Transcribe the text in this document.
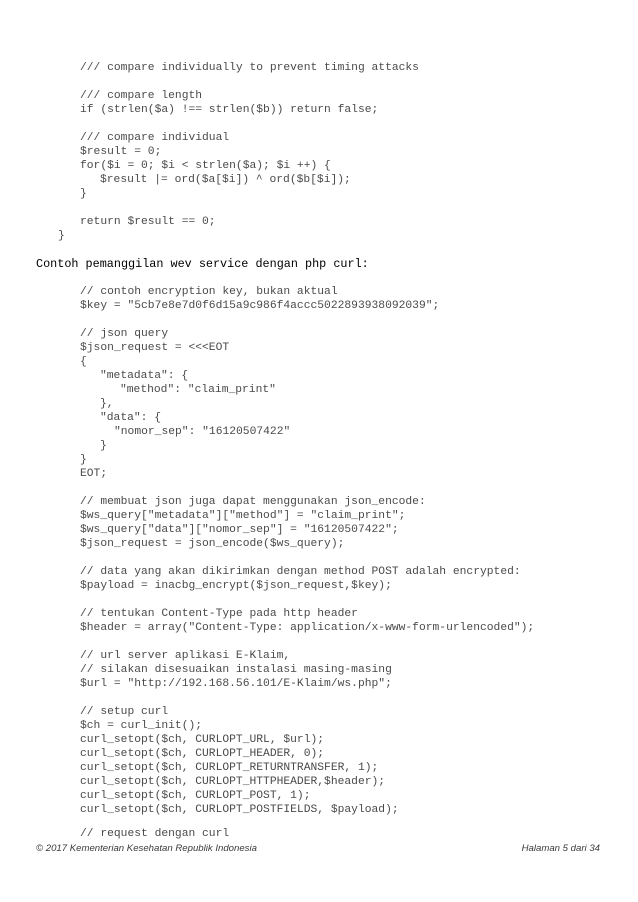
/// compare individually to prevent timing attacks
/// compare length
if (strlen($a) !== strlen($b)) return false;
/// compare individual
$result = 0;
for($i = 0; $i < strlen($a); $i ++) {
$result |= ord($a[$i]) ^ ord($b[$i]);
}
return $result == 0;
}
Contoh pemanggilan wev service dengan php curl:
// contoh encryption key, bukan aktual
$key = "5cb7e8e7d0f6d15a9c986f4accc5022893938092039";
// json query
$json_request = <<<EOT
{
"metadata": {
"method": "claim_print"
},
"data": {
"nomor_sep": "16120507422"
}
}
EOT;
// membuat json juga dapat menggunakan json_encode:
$ws_query["metadata"]["method"] = "claim_print";
$ws_query["data"]["nomor_sep"] = "16120507422";
$json_request = json_encode($ws_query);
// data yang akan dikirimkan dengan method POST adalah encrypted:
$payload = inacbg_encrypt($json_request,$key);
// tentukan Content-Type pada http header
$header = array("Content-Type: application/x-www-form-urlencoded");
// url server aplikasi E-Klaim,
// silakan disesuaikan instalasi masing-masing
$url = "http://192.168.56.101/E-Klaim/ws.php";
// setup curl
$ch = curl_init();
curl_setopt($ch, CURLOPT_URL, $url);
curl_setopt($ch, CURLOPT_HEADER, 0);
curl_setopt($ch, CURLOPT_RETURNTRANSFER, 1);
curl_setopt($ch, CURLOPT_HTTPHEADER,$header);
curl_setopt($ch, CURLOPT_POST, 1);
curl_setopt($ch, CURLOPT_POSTFIELDS, $payload);
// request dengan curl
© 2017 Kementerian Kesehatan Republik Indonesia	Halaman 5 dari 34
